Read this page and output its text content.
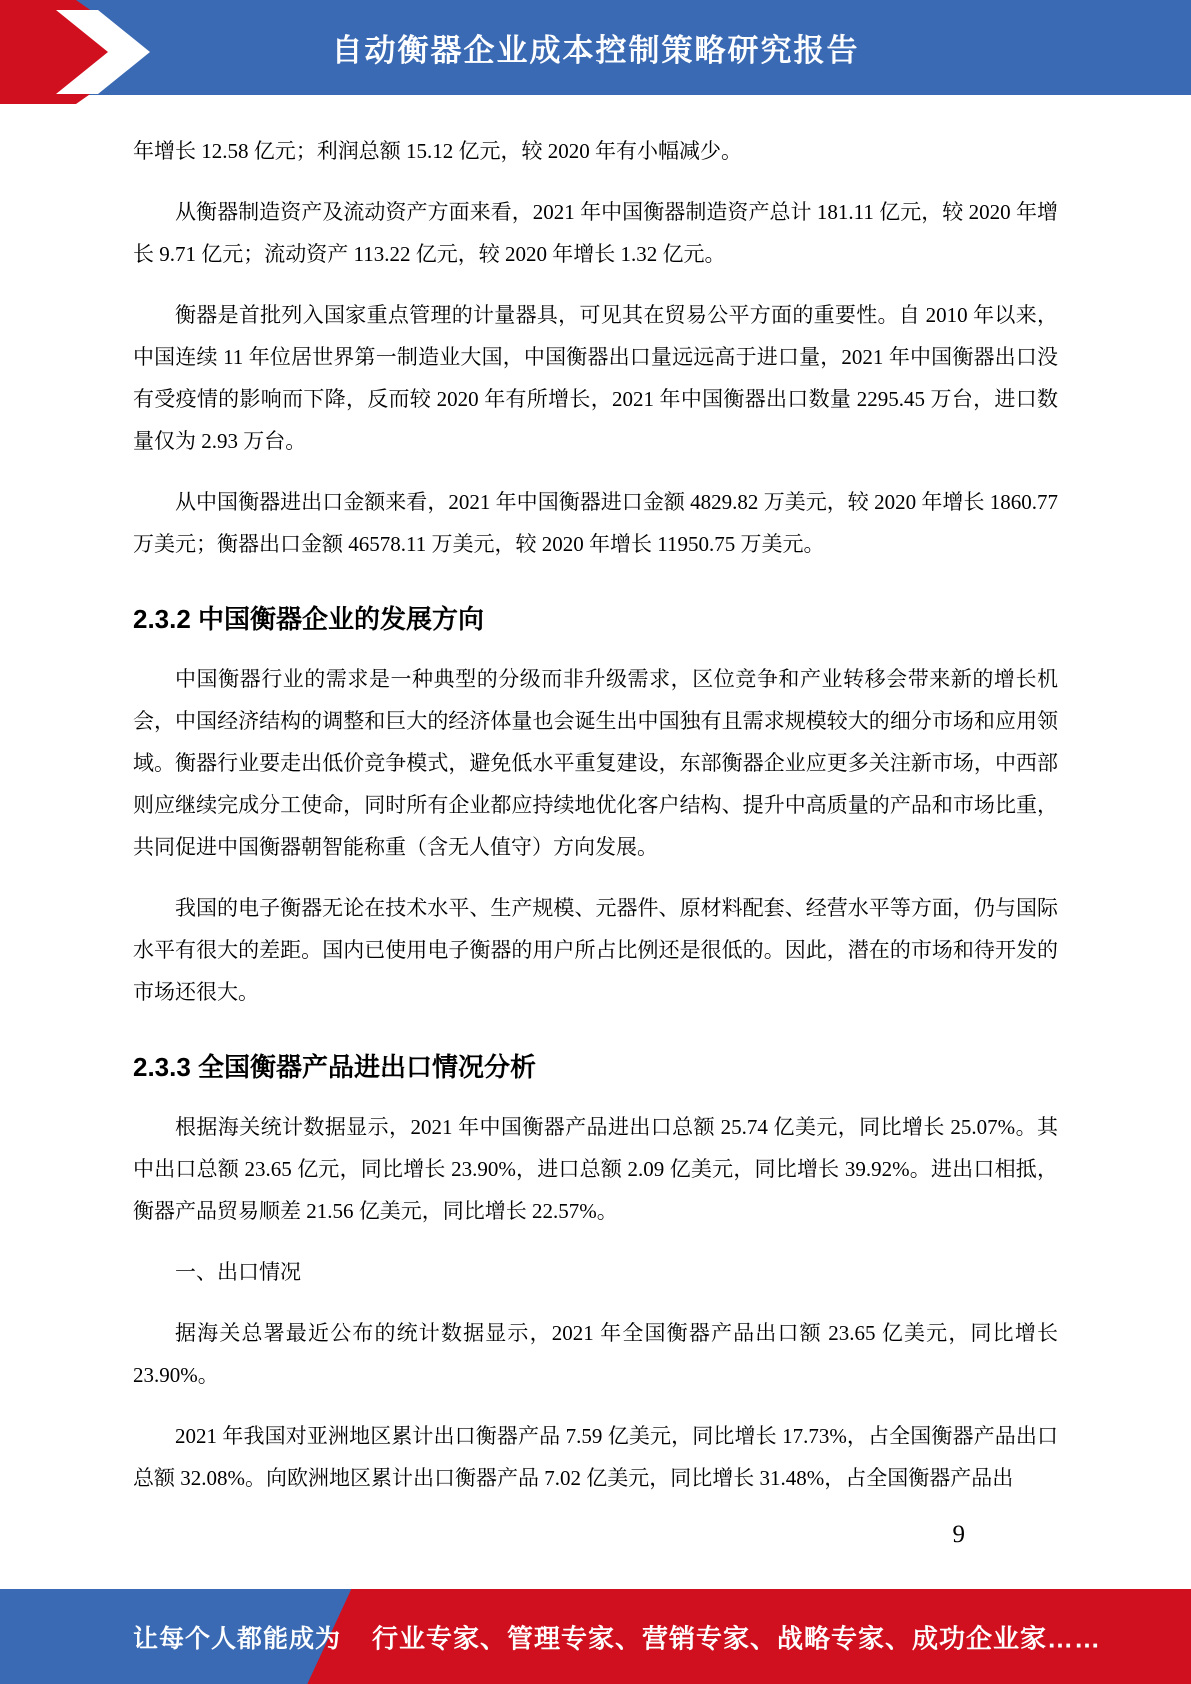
自动衡器企业成本控制策略研究报告

年增长 12.58 亿元；利润总额 15.12 亿元，较 2020 年有小幅减少。

从衡器制造资产及流动资产方面来看，2021 年中国衡器制造资产总计 181.11 亿元，较 2020 年增长 9.71 亿元；流动资产 113.22 亿元，较 2020 年增长 1.32 亿元。

衡器是首批列入国家重点管理的计量器具，可见其在贸易公平方面的重要性。自 2010 年以来，中国连续 11 年位居世界第一制造业大国，中国衡器出口量远远高于进口量，2021 年中国衡器出口没有受疫情的影响而下降，反而较 2020 年有所增长，2021 年中国衡器出口数量 2295.45 万台，进口数量仅为 2.93 万台。

从中国衡器进出口金额来看，2021 年中国衡器进口金额 4829.82 万美元，较 2020 年增长 1860.77 万美元；衡器出口金额 46578.11 万美元，较 2020 年增长 11950.75 万美元。

2.3.2 中国衡器企业的发展方向

中国衡器行业的需求是一种典型的分级而非升级需求，区位竞争和产业转移会带来新的增长机会，中国经济结构的调整和巨大的经济体量也会诞生出中国独有且需求规模较大的细分市场和应用领域。衡器行业要走出低价竞争模式，避免低水平重复建设，东部衡器企业应更多关注新市场，中西部则应继续完成分工使命，同时所有企业都应持续地优化客户结构、提升中高质量的产品和市场比重，共同促进中国衡器朝智能称重（含无人值守）方向发展。

我国的电子衡器无论在技术水平、生产规模、元器件、原材料配套、经营水平等方面，仍与国际水平有很大的差距。国内已使用电子衡器的用户所占比例还是很低的。因此，潜在的市场和待开发的市场还很大。

2.3.3 全国衡器产品进出口情况分析

根据海关统计数据显示，2021 年中国衡器产品进出口总额 25.74 亿美元，同比增长 25.07%。其中出口总额 23.65 亿元，同比增长 23.90%，进口总额 2.09 亿美元，同比增长 39.92%。进出口相抵，衡器产品贸易顺差 21.56 亿美元，同比增长 22.57%。

一、出口情况

据海关总署最近公布的统计数据显示，2021 年全国衡器产品出口额 23.65 亿美元，同比增长 23.90%。

2021 年我国对亚洲地区累计出口衡器产品 7.59 亿美元，同比增长 17.73%，占全国衡器产品出口总额 32.08%。向欧洲地区累计出口衡器产品 7.02 亿美元，同比增长 31.48%，占全国衡器产品出

9
让每个人都能成为 行业专家、管理专家、营销专家、战略专家、成功企业家……
